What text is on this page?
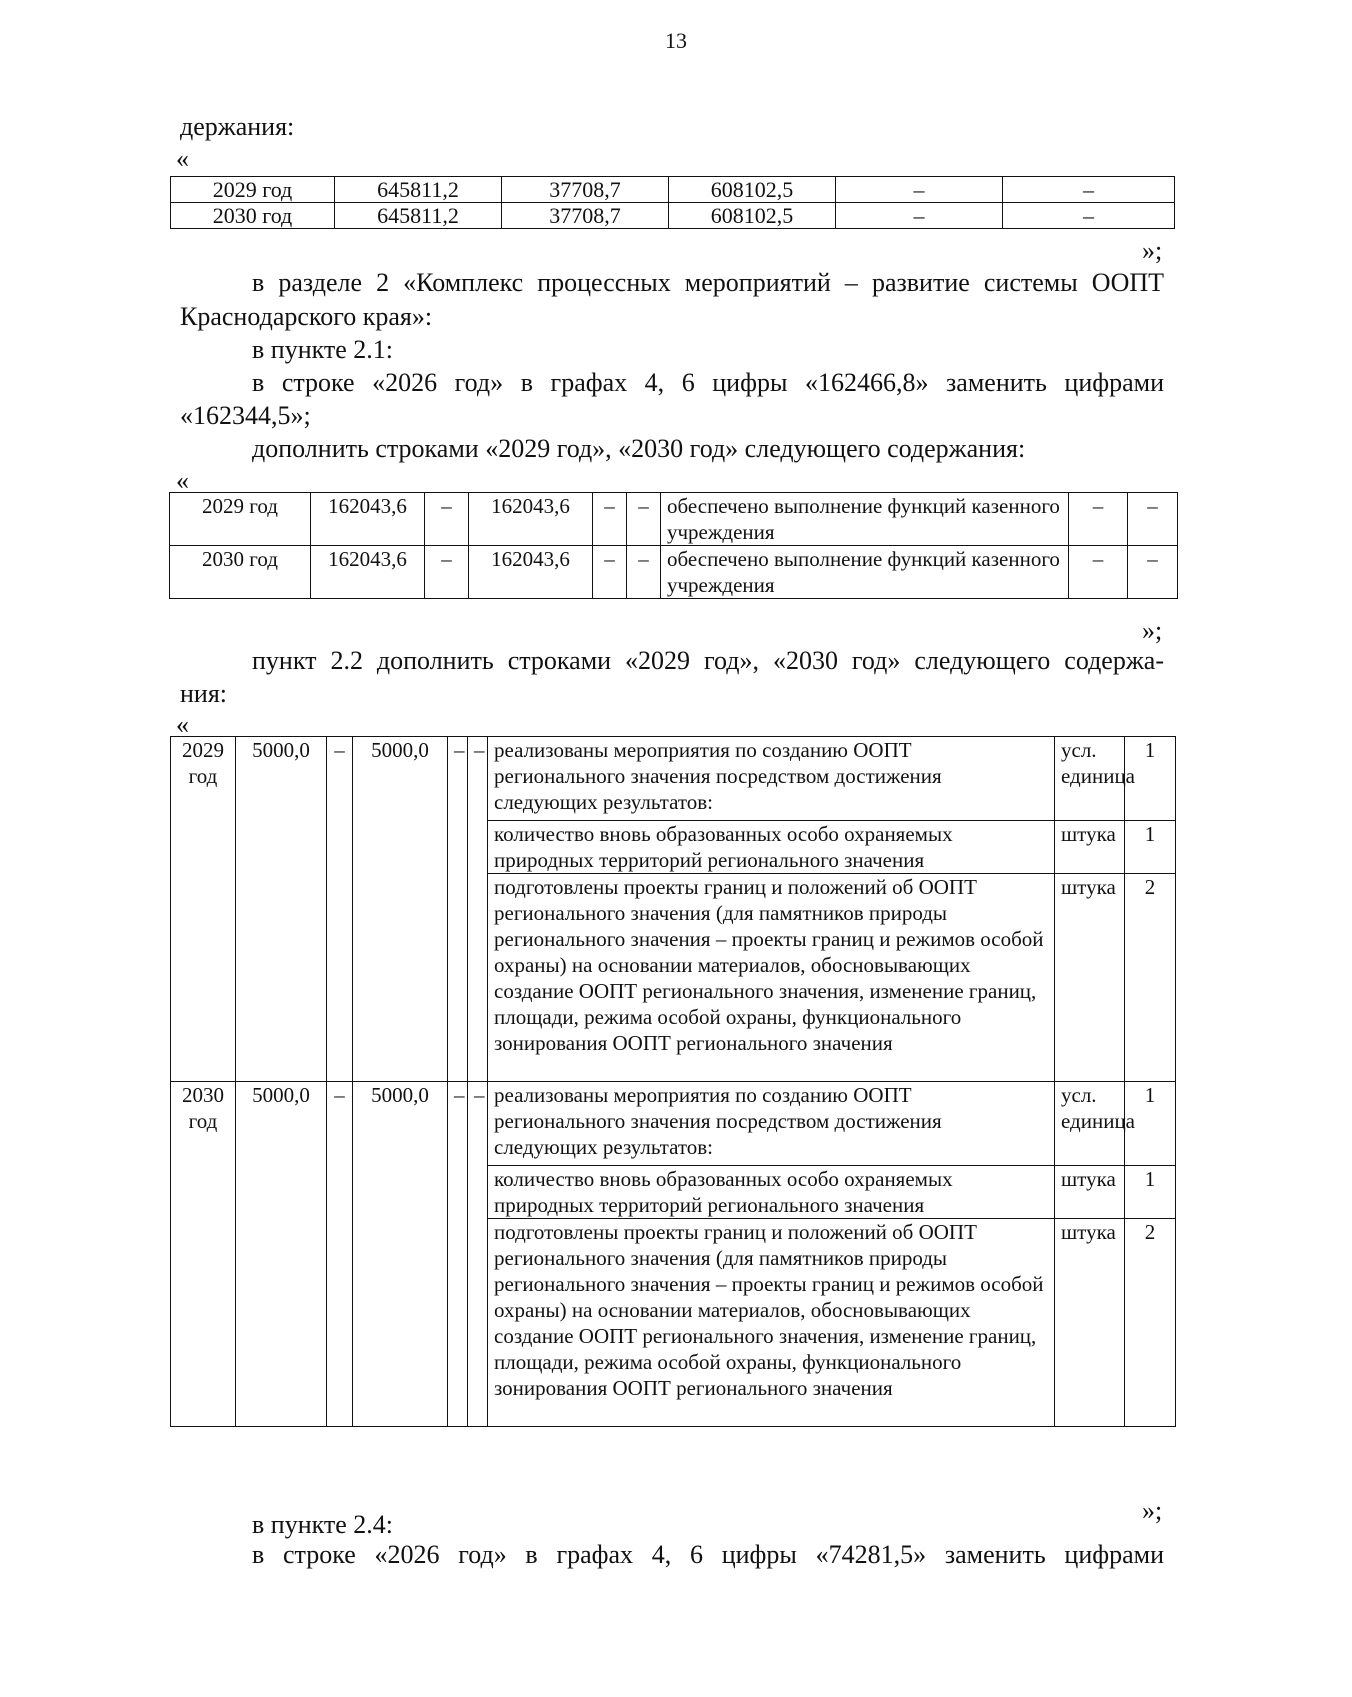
13
держания:
«
2029 год	645811,2	37708,7	608102,5	–	–
2030 год	645811,2	37708,7	608102,5	–	–
»;
в разделе 2 «Комплекс процессных мероприятий – развитие системы ООПТ
Краснодарского края»:
в пункте 2.1:
в строке «2026 год» в графах 4, 6 цифры «162466,8» заменить цифрами
«162344,5»;
дополнить строками «2029 год», «2030 год» следующего содержания:
«
2029 год	162043,6	–	162043,6	–	–	обеспечено выполнение функций казенного учреждения	–	–
2030 год	162043,6	–	162043,6	–	–	обеспечено выполнение функций казенного учреждения	–	–
»;
пункт 2.2 дополнить строками «2029 год», «2030 год» следующего содержа-
ния:
«
2029 год	5000,0	–	5000,0	–	–	реализованы мероприятия по созданию ООПТ регионального значения посредством достижения следующих результатов:	усл. единица	1
						количество вновь образованных особо охраняемых природных территорий регионального значения	штука	1
						подготовлены проекты границ и положений об ООПТ регионального значения (для памятников природы регионального значения – проекты границ и режимов особой охраны) на основании материалов, обосновывающих создание ООПТ регионального значения, изменение границ, площади, режима особой охраны, функционального зонирования ООПТ регионального значения	штука	2
2030 год	5000,0	–	5000,0	–	–	реализованы мероприятия по созданию ООПТ регионального значения посредством достижения следующих результатов:	усл. единица	1
						количество вновь образованных особо охраняемых природных территорий регионального значения	штука	1
						подготовлены проекты границ и положений об ООПТ регионального значения (для памятников природы регионального значения – проекты границ и режимов особой охраны) на основании материалов, обосновывающих создание ООПТ регионального значения, изменение границ, площади, режима особой охраны, функционального зонирования ООПТ регионального значения	штука	2
»;
в пункте 2.4:
в строке «2026 год» в графах 4, 6 цифры «74281,5» заменить цифрами
